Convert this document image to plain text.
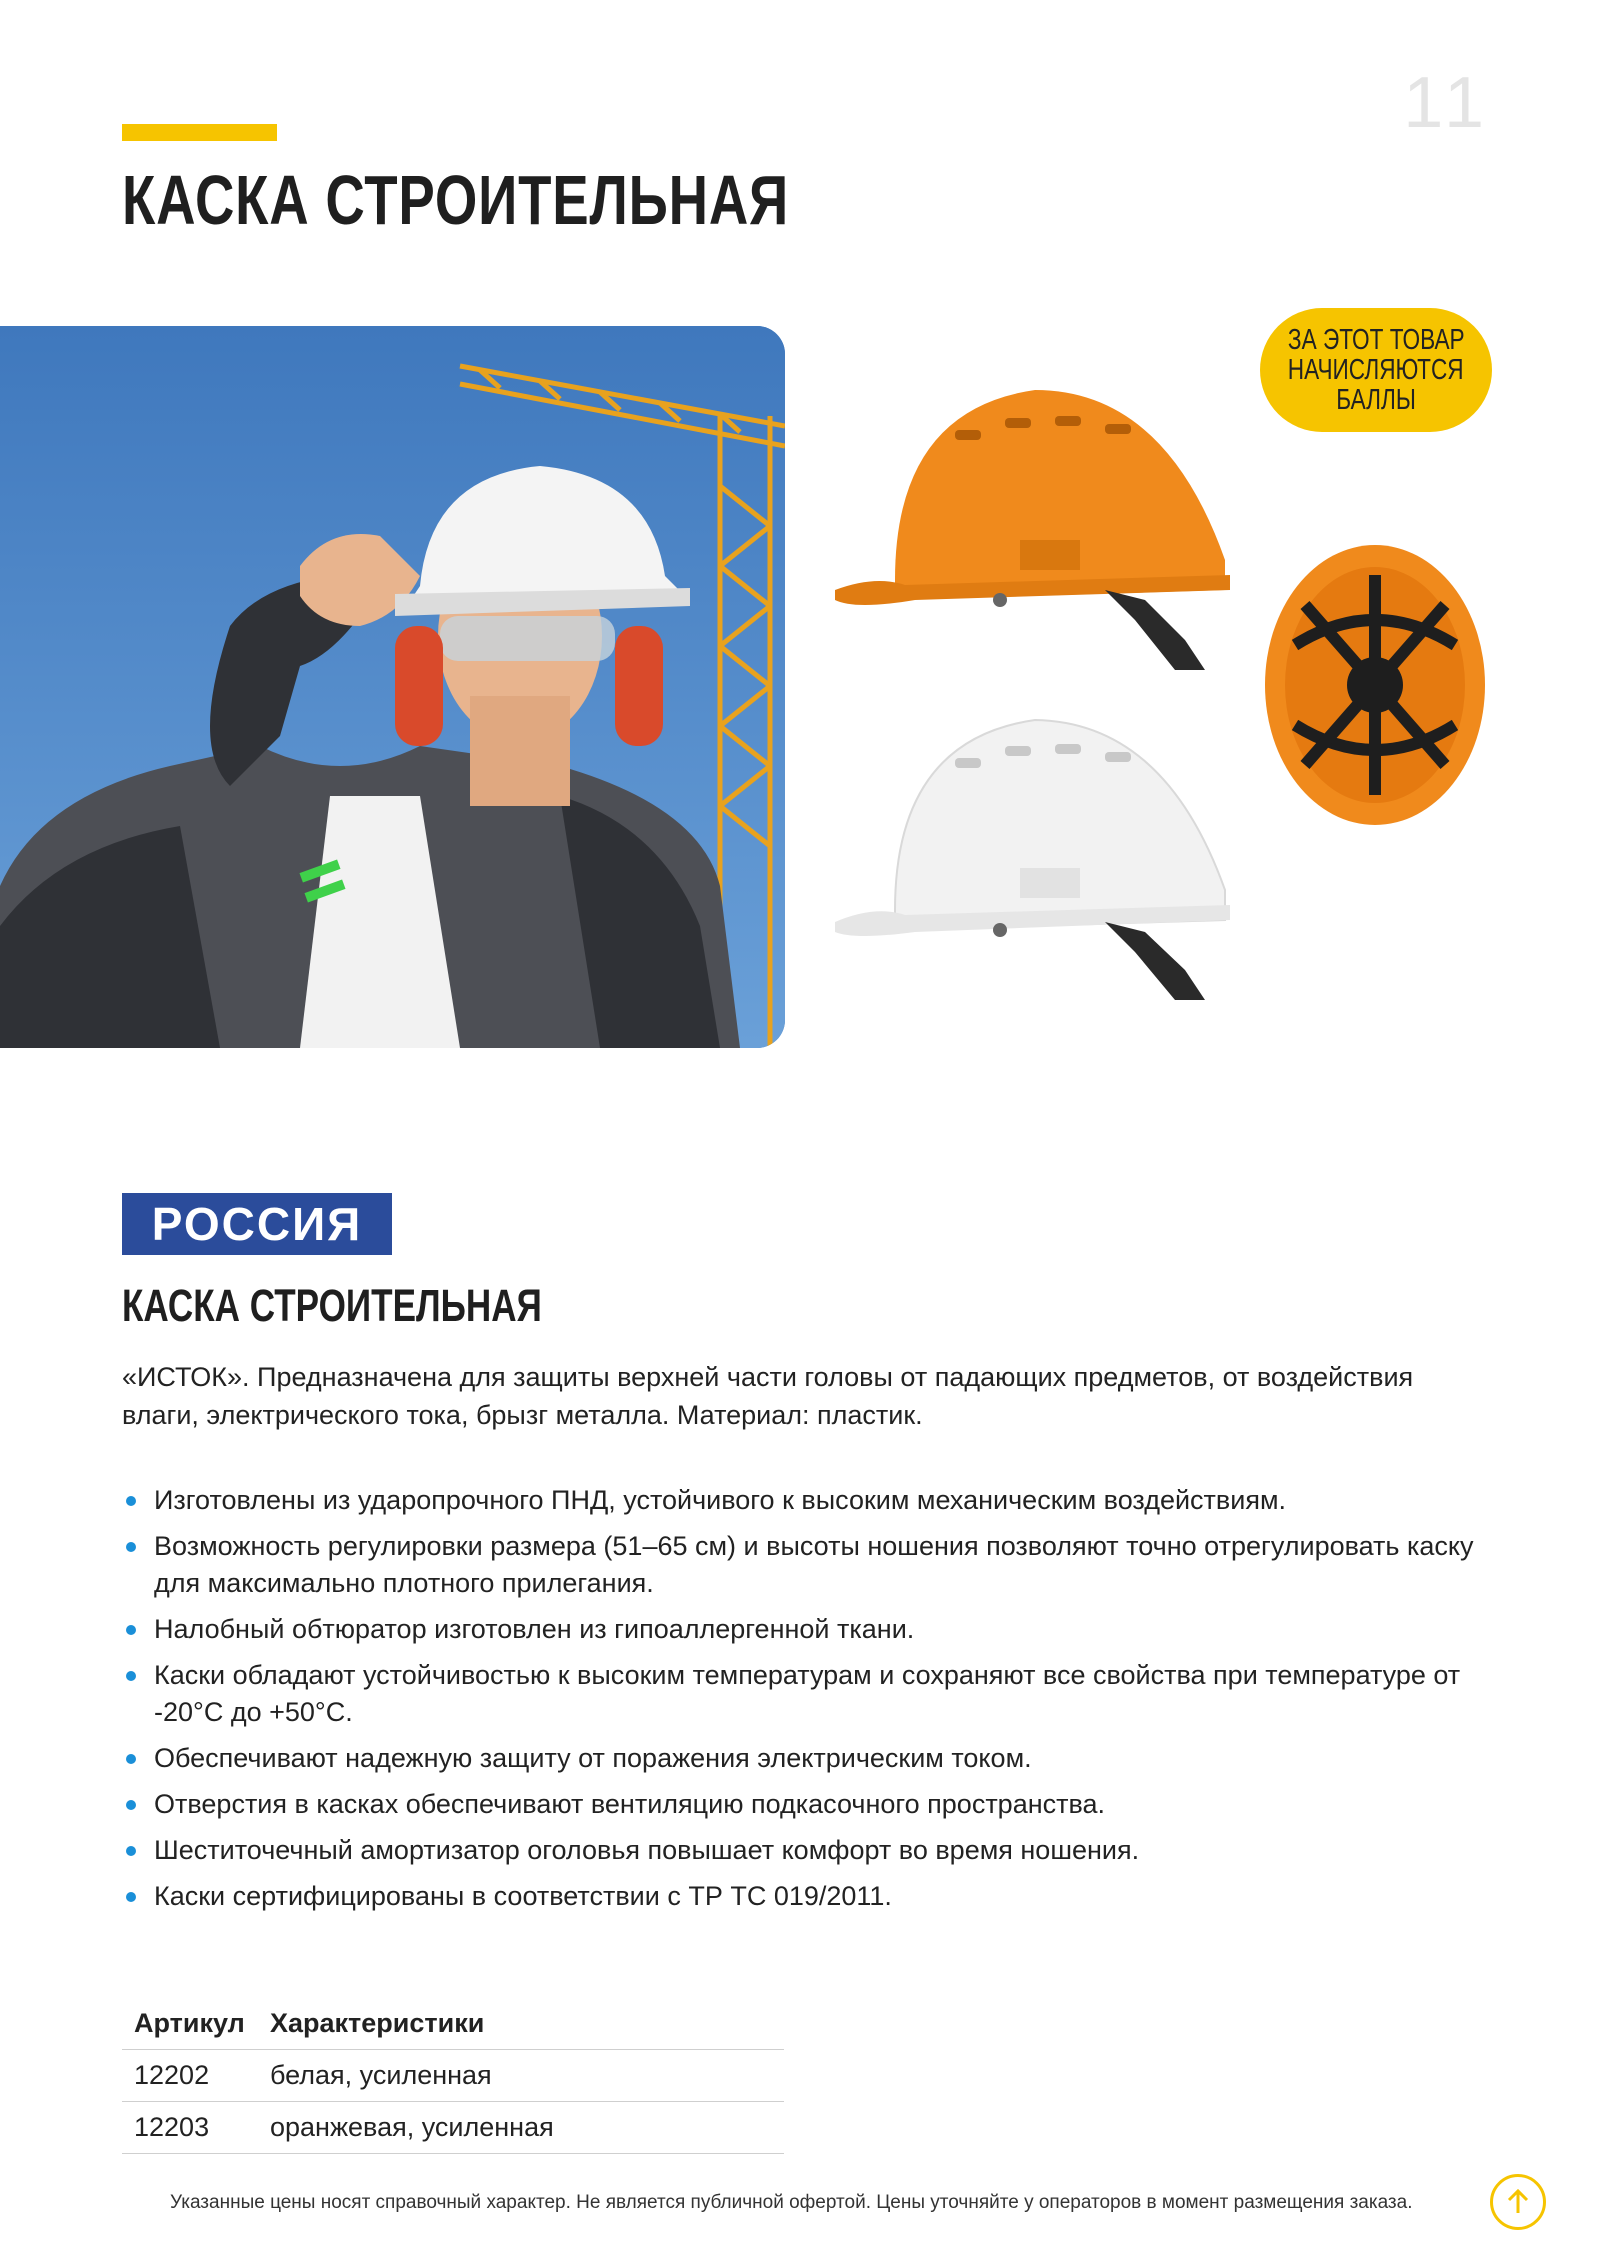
11
КАСКА СТРОИТЕЛЬНАЯ
ЗА ЭТОТ ТОВАР
НАЧИСЛЯЮТСЯ
БАЛЛЫ
РОССИЯ
КАСКА СТРОИТЕЛЬНАЯ

«ИСТОК». Предназначена для защиты верхней части головы от падающих предметов, от воздействия влаги, электрического тока, брызг металла. Материал: пластик.

Изготовлены из ударопрочного ПНД, устойчивого к высоким механическим воздействиям.
Возможность регулировки размера (51–65 см) и высоты ношения позволяют точно отрегулировать каску для максимально плотного прилегания.
Налобный обтюратор изготовлен из гипоаллергенной ткани.
Каски обладают устойчивостью к высоким температурам и сохраняют все свойства при температуре от -20°С до +50°С.
Обеспечивают надежную защиту от поражения электрическим током.
Отверстия в касках обеспечивают вентиляцию подкасочного пространства.
Шеститочечный амортизатор оголовья повышает комфорт во время ношения.
Каски сертифицированы в соответствии с ТР ТС 019/2011.
Артикул	Характеристики
12202	белая, усиленная
12203	оранжевая, усиленная
Указанные цены носят справочный характер. Не является публичной офертой. Цены уточняйте у операторов в момент размещения заказа.
